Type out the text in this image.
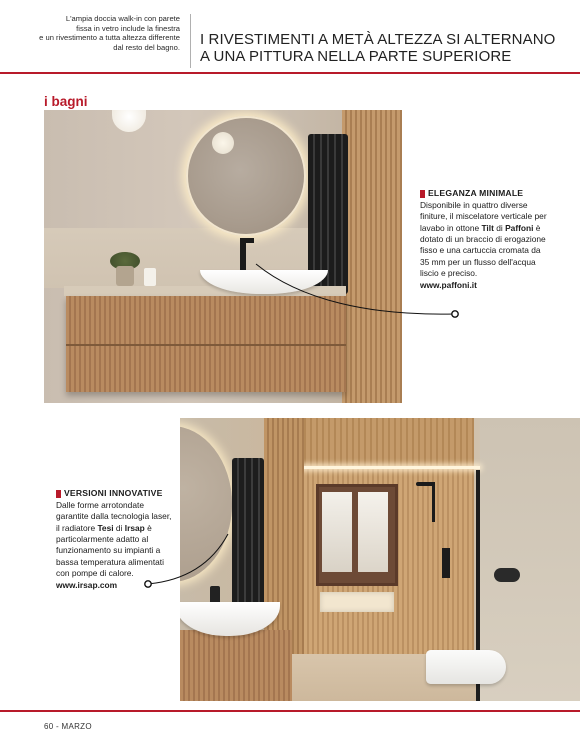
L'ampia doccia walk-in con parete
fissa in vetro include la finestra
e un rivestimento a tutta altezza differente
dal resto del bagno. I RIVESTIMENTI A METÀ ALTEZZA SI ALTERNANO
A UNA PITTURA NELLA PARTE SUPERIORE
i bagni
ELEGANZA MINIMALE
Disponibile in quattro diverse finiture, il miscelatore verticale per lavabo in ottone Tilt di Paffoni è dotato di un braccio di erogazione fisso e una cartuccia cromata da 35 mm per un flusso dell'acqua liscio e preciso.
www.paffoni.it
VERSIONI INNOVATIVE
Dalle forme arrotondate garantite dalla tecnologia laser, il radiatore Tesi di Irsap è particolarmente adatto al funzionamento su impianti a bassa temperatura alimentati con pompe di calore.
www.irsap.com
60 - MARZO
